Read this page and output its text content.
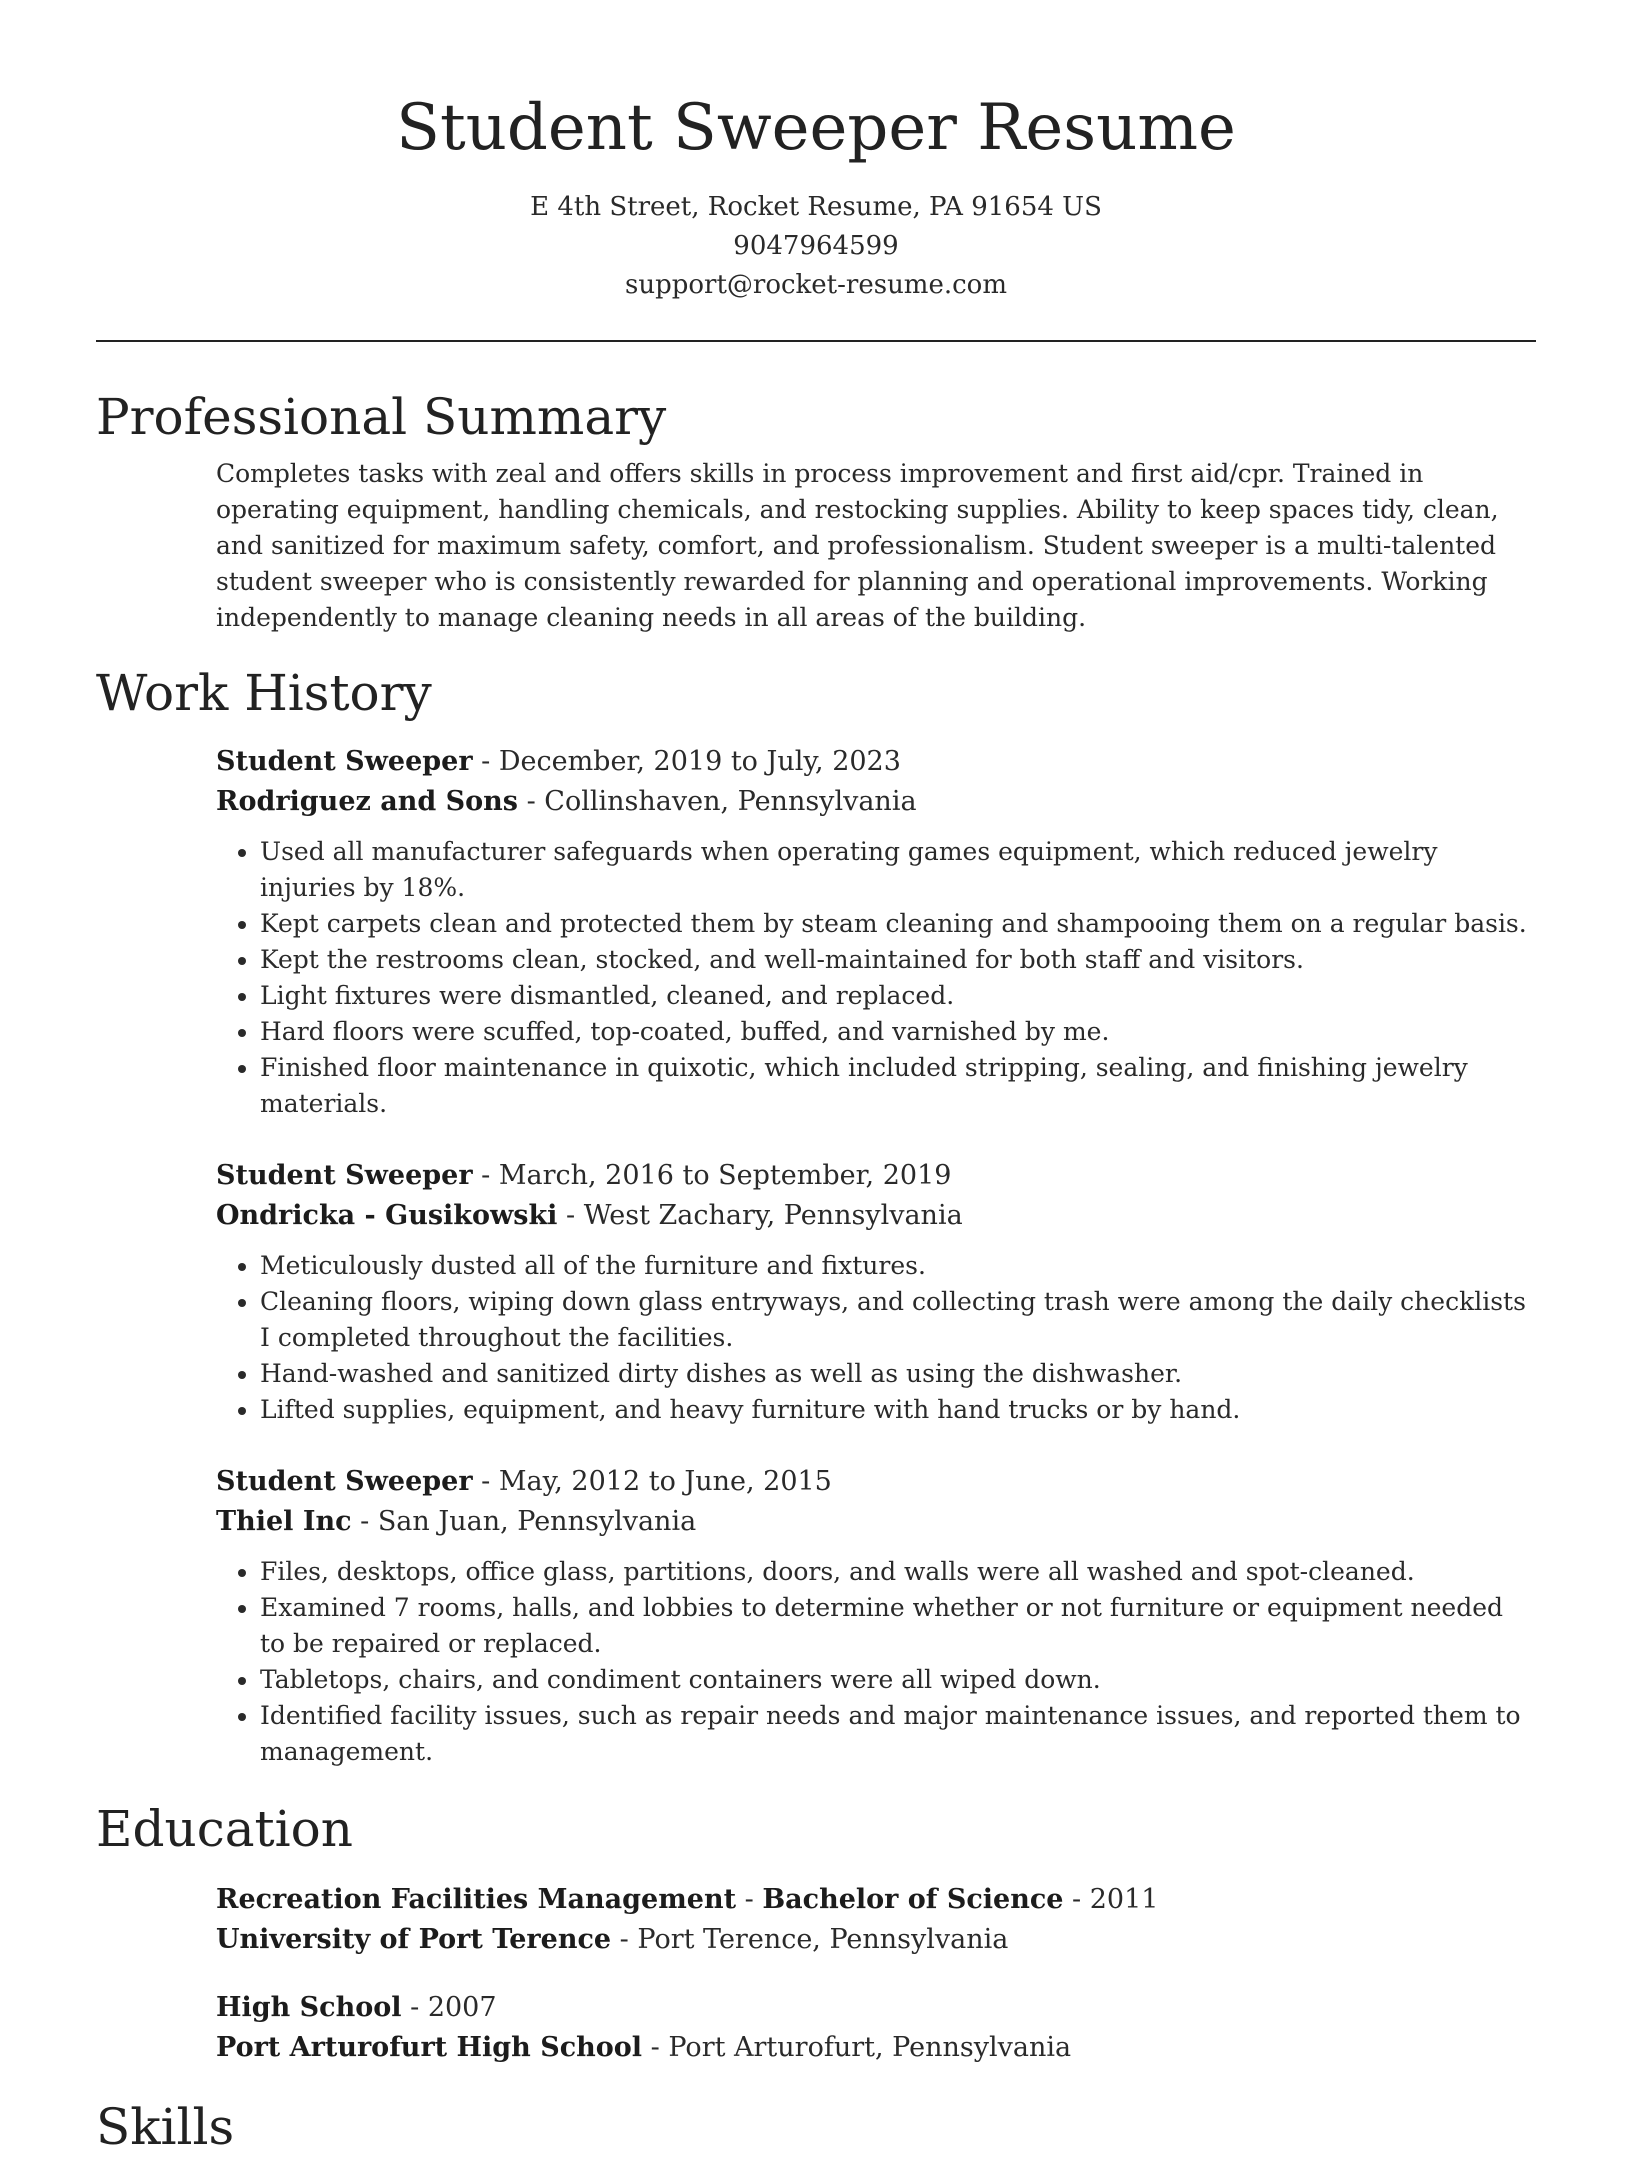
Student Sweeper Resume
E 4th Street, Rocket Resume, PA 91654 US
9047964599
support@rocket-resume.com
Professional Summary
Completes tasks with zeal and offers skills in process improvement and first aid/cpr. Trained in operating equipment, handling chemicals, and restocking supplies. Ability to keep spaces tidy, clean, and sanitized for maximum safety, comfort, and professionalism. Student sweeper is a multi-talented student sweeper who is consistently rewarded for planning and operational improvements. Working independently to manage cleaning needs in all areas of the building.
Work History
Student Sweeper - December, 2019 to July, 2023
Rodriguez and Sons - Collinshaven, Pennsylvania
• Used all manufacturer safeguards when operating games equipment, which reduced jewelry injuries by 18%.
• Kept carpets clean and protected them by steam cleaning and shampooing them on a regular basis.
• Kept the restrooms clean, stocked, and well-maintained for both staff and visitors.
• Light fixtures were dismantled, cleaned, and replaced.
• Hard floors were scuffed, top-coated, buffed, and varnished by me.
• Finished floor maintenance in quixotic, which included stripping, sealing, and finishing jewelry materials.
Student Sweeper - March, 2016 to September, 2019
Ondricka - Gusikowski - West Zachary, Pennsylvania
• Meticulously dusted all of the furniture and fixtures.
• Cleaning floors, wiping down glass entryways, and collecting trash were among the daily checklists I completed throughout the facilities.
• Hand-washed and sanitized dirty dishes as well as using the dishwasher.
• Lifted supplies, equipment, and heavy furniture with hand trucks or by hand.
Student Sweeper - May, 2012 to June, 2015
Thiel Inc - San Juan, Pennsylvania
• Files, desktops, office glass, partitions, doors, and walls were all washed and spot-cleaned.
• Examined 7 rooms, halls, and lobbies to determine whether or not furniture or equipment needed to be repaired or replaced.
• Tabletops, chairs, and condiment containers were all wiped down.
• Identified facility issues, such as repair needs and major maintenance issues, and reported them to management.
Education
Recreation Facilities Management - Bachelor of Science - 2011
University of Port Terence - Port Terence, Pennsylvania
High School - 2007
Port Arturofurt High School - Port Arturofurt, Pennsylvania
Skills
